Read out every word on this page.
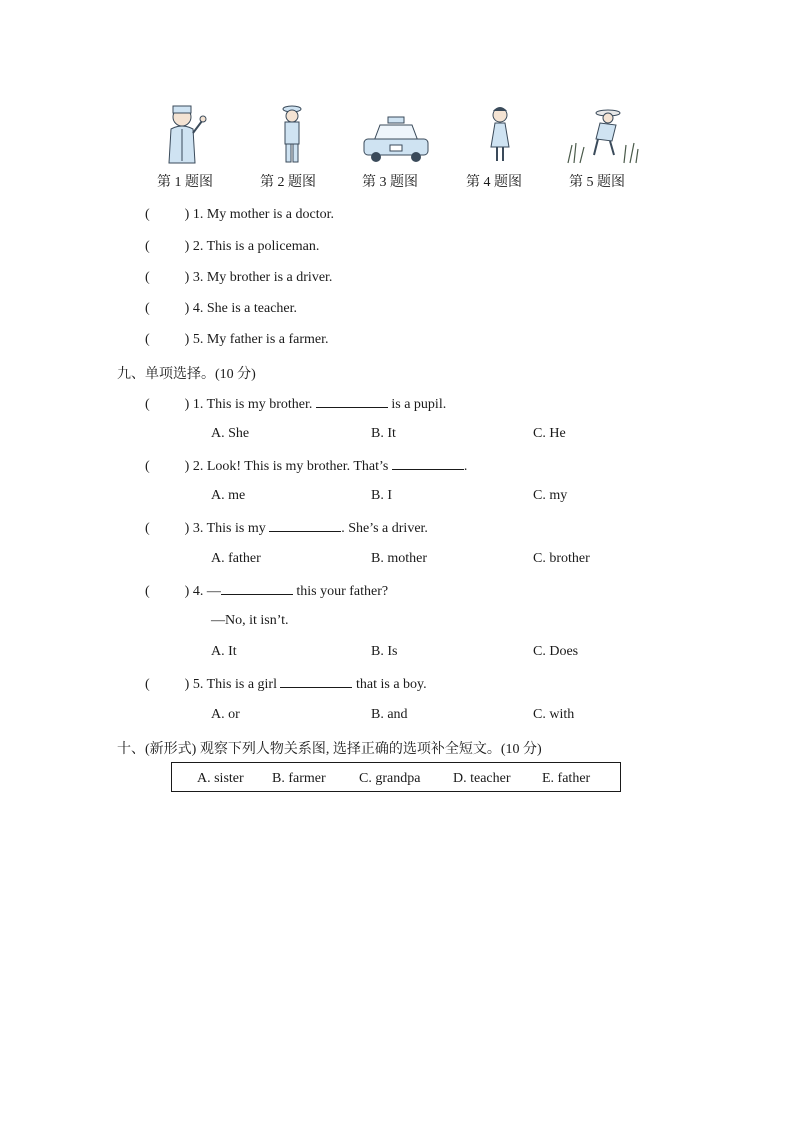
第 1 题图	第 2 题图	第 3 题图	第 4 题图	第 5 题图
(	) 1. My mother is a doctor.
(	) 2. This is a policeman.
(	) 3. My brother is a driver.
(	) 4. She is a teacher.
(	) 5. My father is a farmer.
九、单项选择。(10 分)
(	) 1. This is my brother.	is a pupil.
A. She	B. It	C. He
(	) 2. Look! This is my brother. That’s	.
A. me	B. I	C. my
(	) 3. This is my	. She’s a driver.
A. father	B. mother	C. brother
(	) 4. —	this your father?
—No, it isn’t.
A. It	B. Is	C. Does
(	) 5. This is a girl	that is a boy.
A. or	B. and	C. with
十、(新形式) 观察下列人物关系图, 选择正确的选项补全短文。(10 分)
A. sister B. farmer C. grandpa D. teacher E. father
